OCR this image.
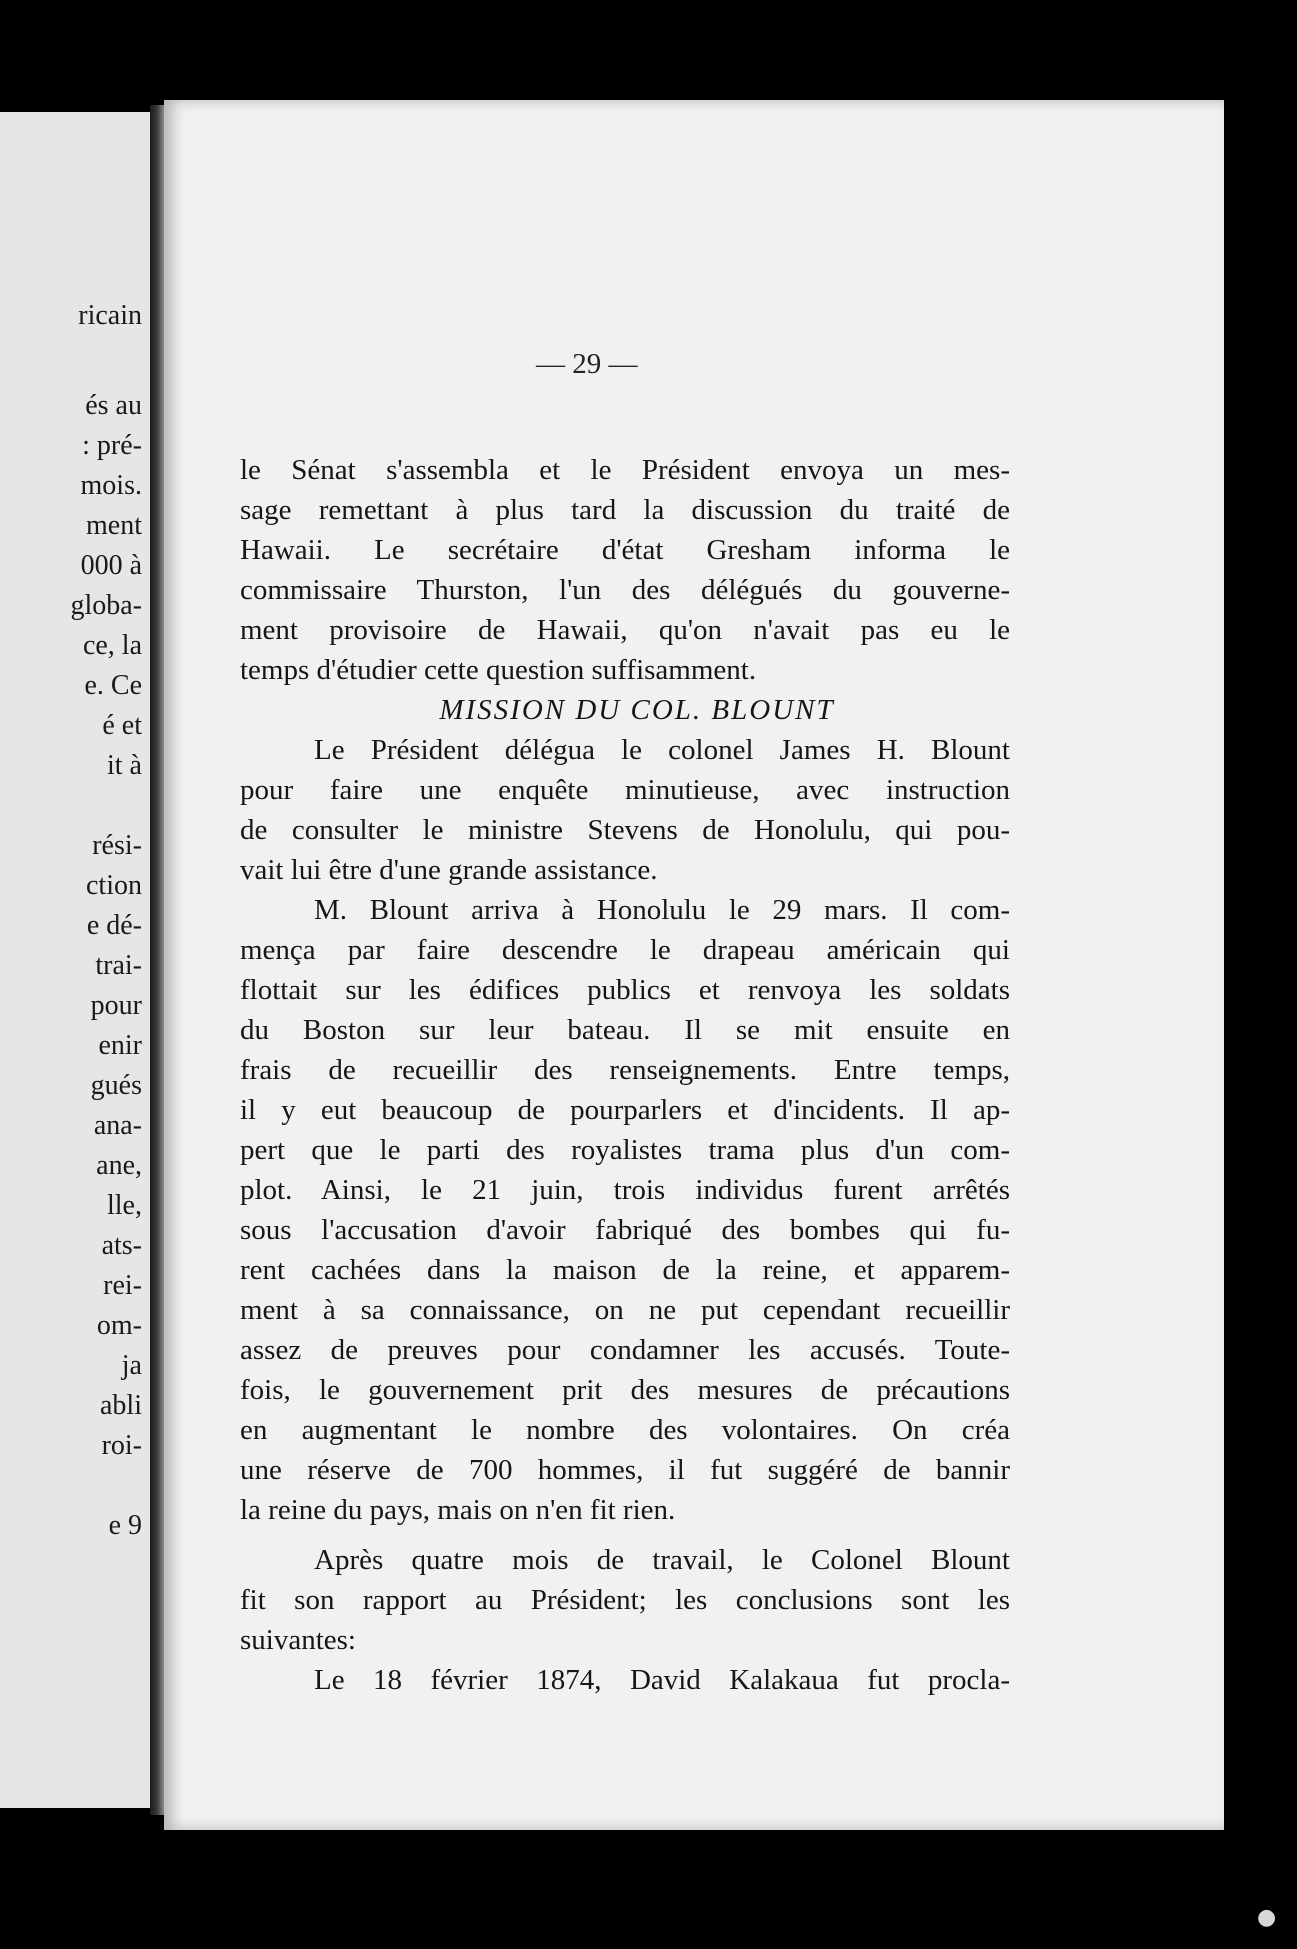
ricain
és au
: pré-
mois.
ment
000 à
globa-
ce, la
e. Ce
é et
it à
rési-
ction
e dé-
trai-
pour
enir
gués
ana-
ane,
lle,
ats-
rei-
om-
ja
abli
roi-
e 9
— 29 —
le Sénat s'assembla et le Président envoya un mes-
sage remettant à plus tard la discussion du traité de
Hawaii. Le secrétaire d'état Gresham informa le
commissaire Thurston, l'un des délégués du gouverne-
ment provisoire de Hawaii, qu'on n'avait pas eu le
temps d'étudier cette question suffisamment.
MISSION DU COL. BLOUNT
Le Président délégua le colonel James H. Blount
pour faire une enquête minutieuse, avec instruction
de consulter le ministre Stevens de Honolulu, qui pou-
vait lui être d'une grande assistance.
M. Blount arriva à Honolulu le 29 mars. Il com-
mença par faire descendre le drapeau américain qui
flottait sur les édifices publics et renvoya les soldats
du Boston sur leur bateau. Il se mit ensuite en
frais de recueillir des renseignements. Entre temps,
il y eut beaucoup de pourparlers et d'incidents. Il ap-
pert que le parti des royalistes trama plus d'un com-
plot. Ainsi, le 21 juin, trois individus furent arrêtés
sous l'accusation d'avoir fabriqué des bombes qui fu-
rent cachées dans la maison de la reine, et apparem-
ment à sa connaissance, on ne put cependant recueillir
assez de preuves pour condamner les accusés. Toute-
fois, le gouvernement prit des mesures de précautions
en augmentant le nombre des volontaires. On créa
une réserve de 700 hommes, il fut suggéré de bannir
la reine du pays, mais on n'en fit rien.
Après quatre mois de travail, le Colonel Blount
fit son rapport au Président; les conclusions sont les
suivantes:
Le 18 février 1874, David Kalakaua fut procla-
●
